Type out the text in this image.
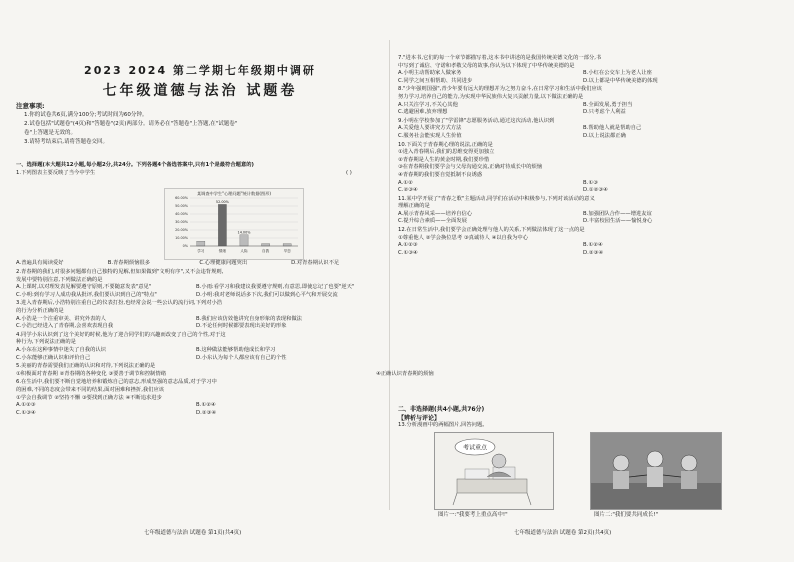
2023 2024 第二学期七年级期中调研
七年级道德与法治 试题卷
注意事项:
1.你的试卷共6页,满分100分;考试时间为60分钟。
2.试卷包括"试题卷"(4页)和"答题卷"(2页)两部分。请务必在"答题卷"上答题,在"试题卷"
卷"上答题是无效的。
3.请特考结束后,请将答题卷交回。
一、选择题(本大题共12小题,每小题2分,共24分。下列各题4个备选答案中,只有1个是最符合题意的)
1.下列图表主要反映了当今中学生	( )
某调查中学生"心理问题"统计数据(图形)
0%
10.00%
20.00%
30.00%
40.00%
50.00%
60.00%
学习
52.00%
情绪
14.00%
人际	自我	早恋
A.普遍具有阅读爱好	B.青春期烦恼很多	C.心理健康问题突出	D.对青春期认识不足
2.青春期的我们,对很多问题都有自己独特的见解,但如果做到"文明有序",又不会违背规则,
发展中要特别注意,下列做法正确的是
A.上课时,以对理发表见解要遵守原则,不要随意发表"意见"	B.小雨:看学习和我建议我要遵守规则,有意思,即使忘记了也要"逆天"
C.小明:到有学习人成功我从批评,我们要认识到自己的"特点"	D.小明:我对老师说话多下次,我们可以做到心平气和开展交流
3.进入青春期后,小浩特别注重自己的仪表打扮,也经常会说一些公认的流行词,下列对小浩
的行为分析正确的是
A.小浩是一个注重审美、讲究外表的人	B.我们应该仿效他讲究自身形象的表现和做法
C.小浩已经进入了青春期,会喜欢表现自我	D.不论任何时候都要表现出美好的形象
4.同学小东认识到了这个美好的时候,他为了迎合同学们的兴趣而改变了自己的个性,对于这
种行为,下列说法正确的是
A.小东在这种事情中迷失了自我的认识	B.这种做法能够帮助他成长和学习
C.小东能够正确认识和评价自己	D.小东认为每个人都应该有自己的个性
5.美丽的青春需要我们正确的认识和对待,下列说法正确的是
①积极面对青春期 ②青春期的各种变化 ③要善于调节和控制情绪	④正确认识青春期的烦恼
6.在生活中,我们要不断自觉地培养和锻炼自己的意志,形成坚强的意志品质,对于学习中
的困难,不同的态度会带来不同的结果,面对困难和挫折,我们应该
①学会自我调节 ②坚持不懈 ③要找到正确方法 ④不断追求进步
A.①②③	B.①②④
C.①③④	D.②③④
七年级道德与法治 试题卷 第1页(共4页)
7."进本书,它们的每一个章节都描写着,这本书中讲述的是我国传统美德文化的一部分,书
中写到了诚信、守诺和孝敬父母的故事,你认为以下体现了中华传统美德的是
A.小明主动帮助家人做家务	B.小红在公交车上为老人让座
C.同学之间互相帮助、共同进步	D.以上都是中华传统美德的体现
8."少年强则国强",青少年要有远大的理想并为之努力奋斗,在日常学习和生活中我们应该
努力学习,培养自己的能力,为实现中华民族伟大复兴贡献力量,以下做法正确的是
A.只关注学习,不关心其他	B.全面发展,勇于担当
C.逃避困难,放弃理想	D.只考虑个人利益
9.小明在学校参加了"学雷锋"志愿服务活动,通过这次活动,他认识到
A.关爱他人要讲究方式方法	B.帮助他人就是帮助自己
C.服务社会能实现人生价值	D.以上说法都正确
10.下面关于青春期心理的说法,正确的是
①进入青春期后,我们的思维变得更加独立
②青春期是人生的黄金时期,我们要珍惜
③在青春期我们要学会与父母沟通交流,正确对待成长中的烦恼
④青春期的我们要自觉抵制不良诱惑
A.①②	B.①③
C.②③④	D.①②③④
11.某中学开展了"青春之歌"主题活动,同学们在活动中积极参与,下列对该活动的意义
理解正确的是
A.展示青春风采——培养自信心	B.加强团队合作——增进友谊
C.提升综合素质——全面发展	D.丰富校园生活——愉悦身心
12.在日常生活中,我们要学会正确处理与他人的关系,下列做法体现了这一点的是
①尊重他人 ②学会换位思考 ③真诚待人 ④以自我为中心
A.①②③	B.①②④
C.①③④	D.②③④
二、非选择题(共4小题,共76分)
【辨析与评论】
13.分析漫画中的两幅图片,回答问题。
考试重点
图片一:"我要考上重点高中!"	图片二:"我们要共同成长!"
七年级道德与法治 试题卷 第2页(共4页)
